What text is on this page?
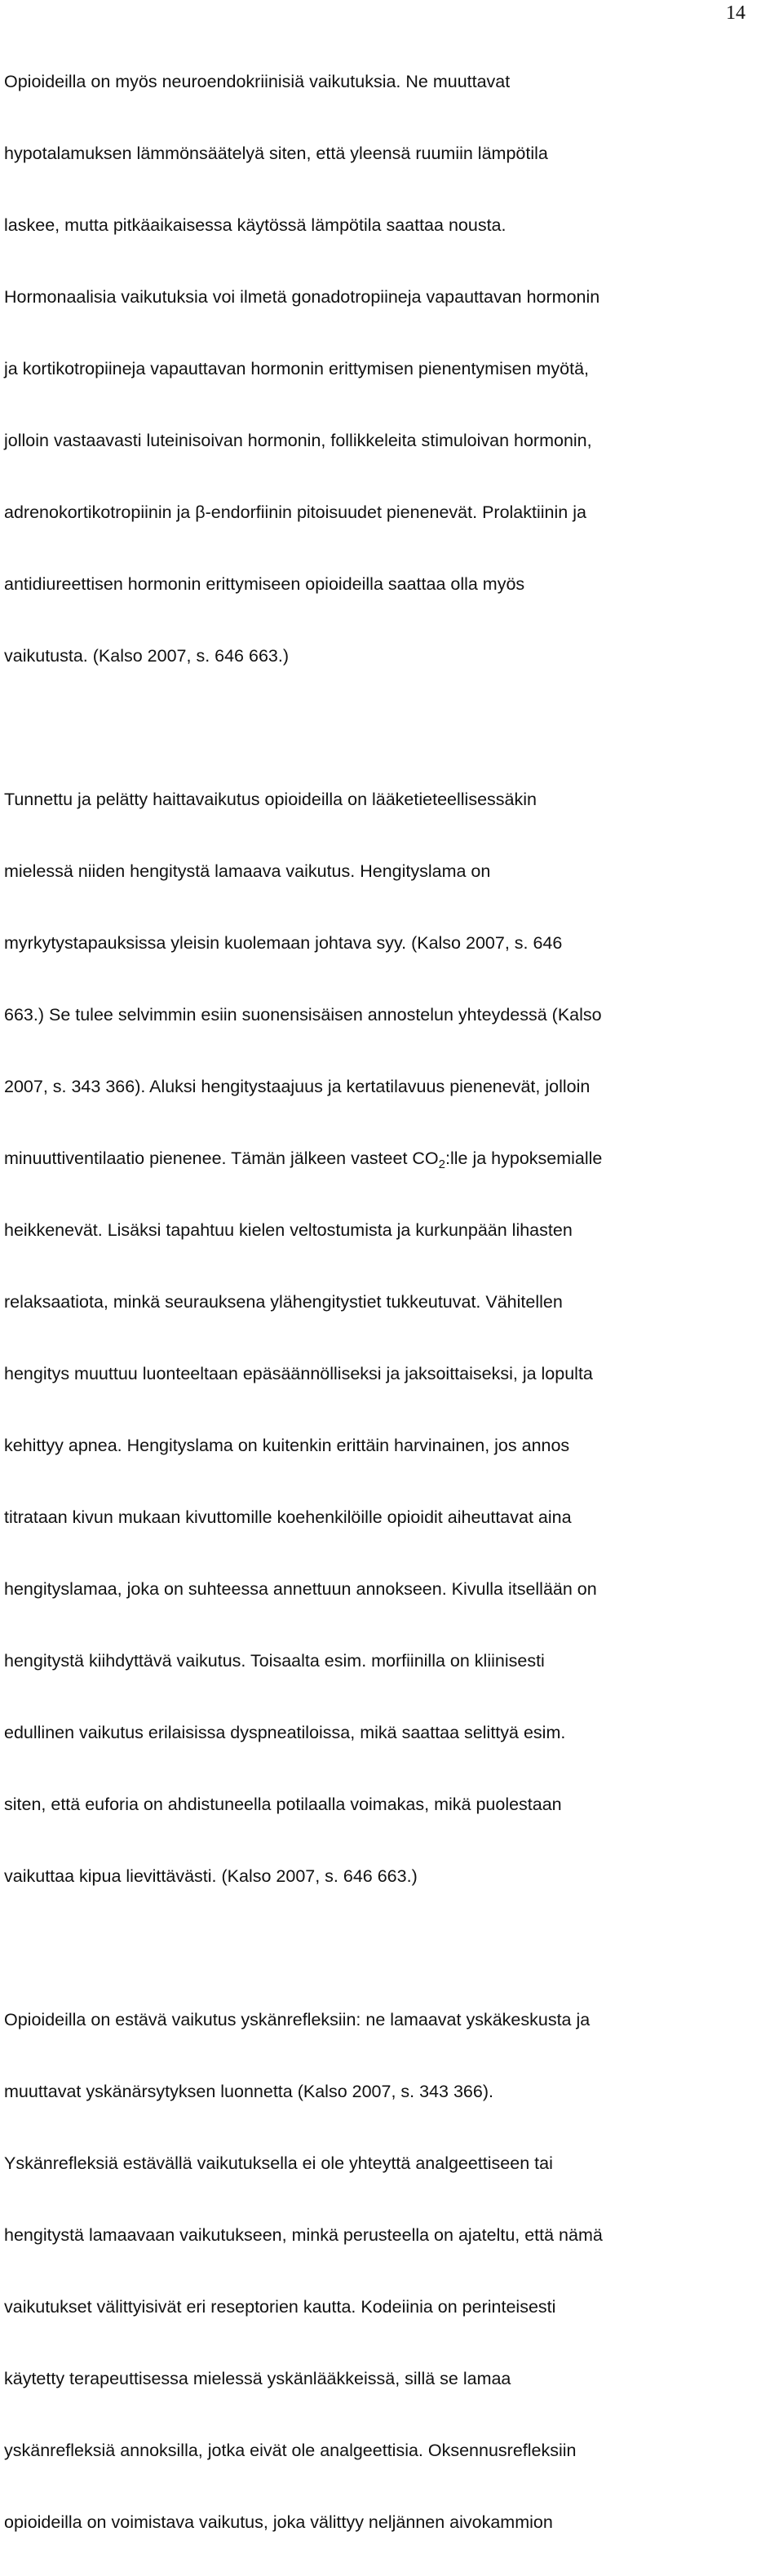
14

Opioideilla on myös neuroendokriinisiä vaikutuksia. Ne muuttavat

hypotalamuksen lämmönsäätelyä siten, että yleensä ruumiin lämpötila

laskee, mutta pitkäaikaisessa käytössä lämpötila saattaa nousta.

Hormonaalisia vaikutuksia voi ilmetä gonadotropiineja vapauttavan hormonin

ja kortikotropiineja vapauttavan hormonin erittymisen pienentymisen myötä,

jolloin vastaavasti luteinisoivan hormonin, follikkeleita stimuloivan hormonin,

adrenokortikotropiinin ja β-endorfiinin pitoisuudet pienenevät. Prolaktiinin ja

antidiureettisen hormonin erittymiseen opioideilla saattaa olla myös

vaikutusta. (Kalso 2007, s. 646 663.)

Tunnettu ja pelätty haittavaikutus opioideilla on lääketieteellisessäkin

mielessä niiden hengitystä lamaava vaikutus. Hengityslama on

myrkytystapauksissa yleisin kuolemaan johtava syy. (Kalso 2007, s. 646

663.) Se tulee selvimmin esiin suonensisäisen annostelun yhteydessä (Kalso

2007, s. 343 366). Aluksi hengitystaajuus ja kertatilavuus pienenevät, jolloin

minuuttiventilaatio pienenee. Tämän jälkeen vasteet $CO_2:lle$ ja hypoksemialle

heikkenevät. Lisäksi tapahtuu kielen veltostumista ja kurkunpään lihasten

relaksaatiota, minkä seurauksena ylähengitystiet tukkeutuvat. Vähitellen

hengitys muuttuu luonteeltaan epäsäännölliseksi ja jaksoittaiseksi, ja lopulta

kehittyy apnea. Hengityslama on kuitenkin erittäin harvinainen, jos annos

titrataan kivun mukaan kivuttomille koehenkilöille opioidit aiheuttavat aina

hengityslamaa, joka on suhteessa annettuun annokseen. Kivulla itsellään on

hengitystä kiihdyttävä vaikutus. Toisaalta esim. morfiinilla on kliinisesti

edullinen vaikutus erilaisissa dyspneatiloissa, mikä saattaa selittyä esim.

siten, että euforia on ahdistuneella potilaalla voimakas, mikä puolestaan

vaikuttaa kipua lievittävästi. (Kalso 2007, s. 646 663.)

Opioideilla on estävä vaikutus yskänrefleksiin: ne lamaavat yskäkeskusta ja

muuttavat yskänärsytyksen luonnetta (Kalso 2007, s. 343 366).

Yskänrefleksiä estävällä vaikutuksella ei ole yhteyttä analgeettiseen tai

hengitystä lamaavaan vaikutukseen, minkä perusteella on ajateltu, että nämä

vaikutukset välittyisivät eri reseptorien kautta. Kodeiinia on perinteisesti

käytetty terapeuttisessa mielessä yskänlääkkeissä, sillä se lamaa

yskänrefleksiä annoksilla, jotka eivät ole analgeettisia. Oksennusrefleksiin

opioideilla on voimistava vaikutus, joka välittyy neljännen aivokammion
